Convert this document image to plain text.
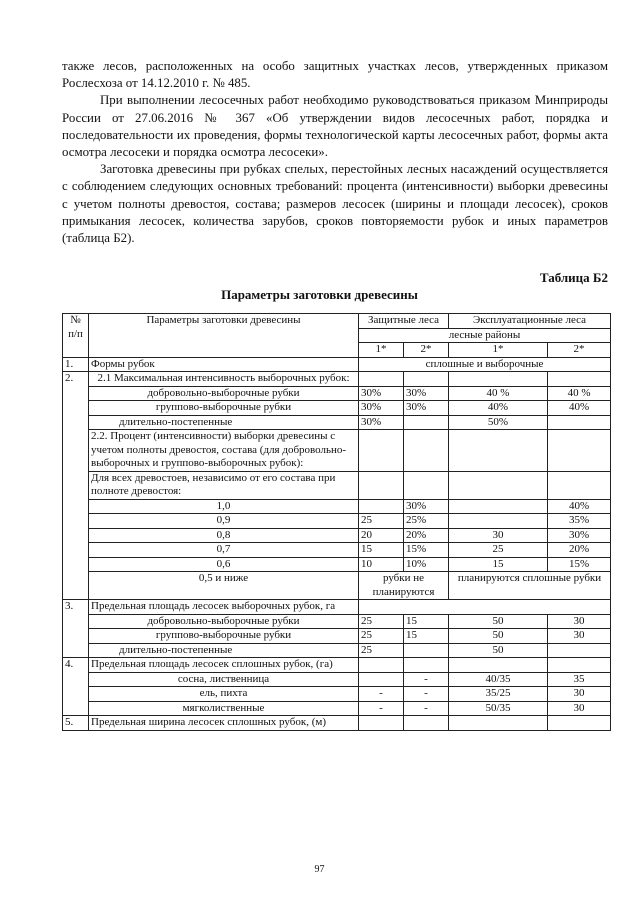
также лесов, расположенных на особо защитных участках лесов, утвержденных приказом Рослесхоза от 14.12.2010 г. № 485.

При выполнении лесосечных работ необходимо руководствоваться приказом Минприроды России от 27.06.2016 № 367 «Об утверждении видов лесосечных работ, порядка и последовательности их проведения, формы технологической карты лесосечных работ, формы акта осмотра лесосеки и порядка осмотра лесосеки».

Заготовка древесины при рубках спелых, перестойных лесных насаждений осуществляется с соблюдением следующих основных требований: процента (интенсивности) выборки древесины с учетом полноты древостоя, состава; размеров лесосек (ширины и площади лесосек), сроков примыкания лесосек, количества зарубов, сроков повторяемости рубок и иных параметров (таблица Б2).

Таблица Б2
Параметры заготовки древесины
№ п/п	Параметры заготовки древесины	Защитные леса		Эксплуатационные леса	
		лесные районы			
		1*	2*	1*	2*
1.	Формы рубок	сплошные и выборочные			
2.	2.1 Максимальная интенсивность выборочных рубок:				
	добровольно-выборочные рубки	30%	30%	40 %	40 %
	группово-выборочные рубки	30%	30%	40%	40%
	длительно-постепенные	30%		50%	
	2.2. Процент (интенсивности) выборки древесины с учетом полноты древостоя, состава (для добровольно-выборочных и группово-выборочных рубок):				
	Для всех древостоев, независимо от его состава при полноте древостоя:				
	1,0		30%		40%
	0,9	25	25%		35%
	0,8	20	20%	30	30%
	0,7	15	15%	25	20%
	0,6	10	10%	15	15%
	0,5 и ниже	рубки не планируются		планируются сплошные рубки	
3.	Предельная площадь лесосек выборочных рубок, га				
	добровольно-выборочные рубки	25	15	50	30
	группово-выборочные рубки	25	15	50	30
	длительно-постепенные	25		50	
4.	Предельная площадь лесосек сплошных рубок, (га)				
	сосна, лиственница		-	40/35	35
	ель, пихта	-	-	35/25	30
	мягколиственные	-	-	50/35	30
5.	Предельная ширина лесосек сплошных рубок, (м)				
97
